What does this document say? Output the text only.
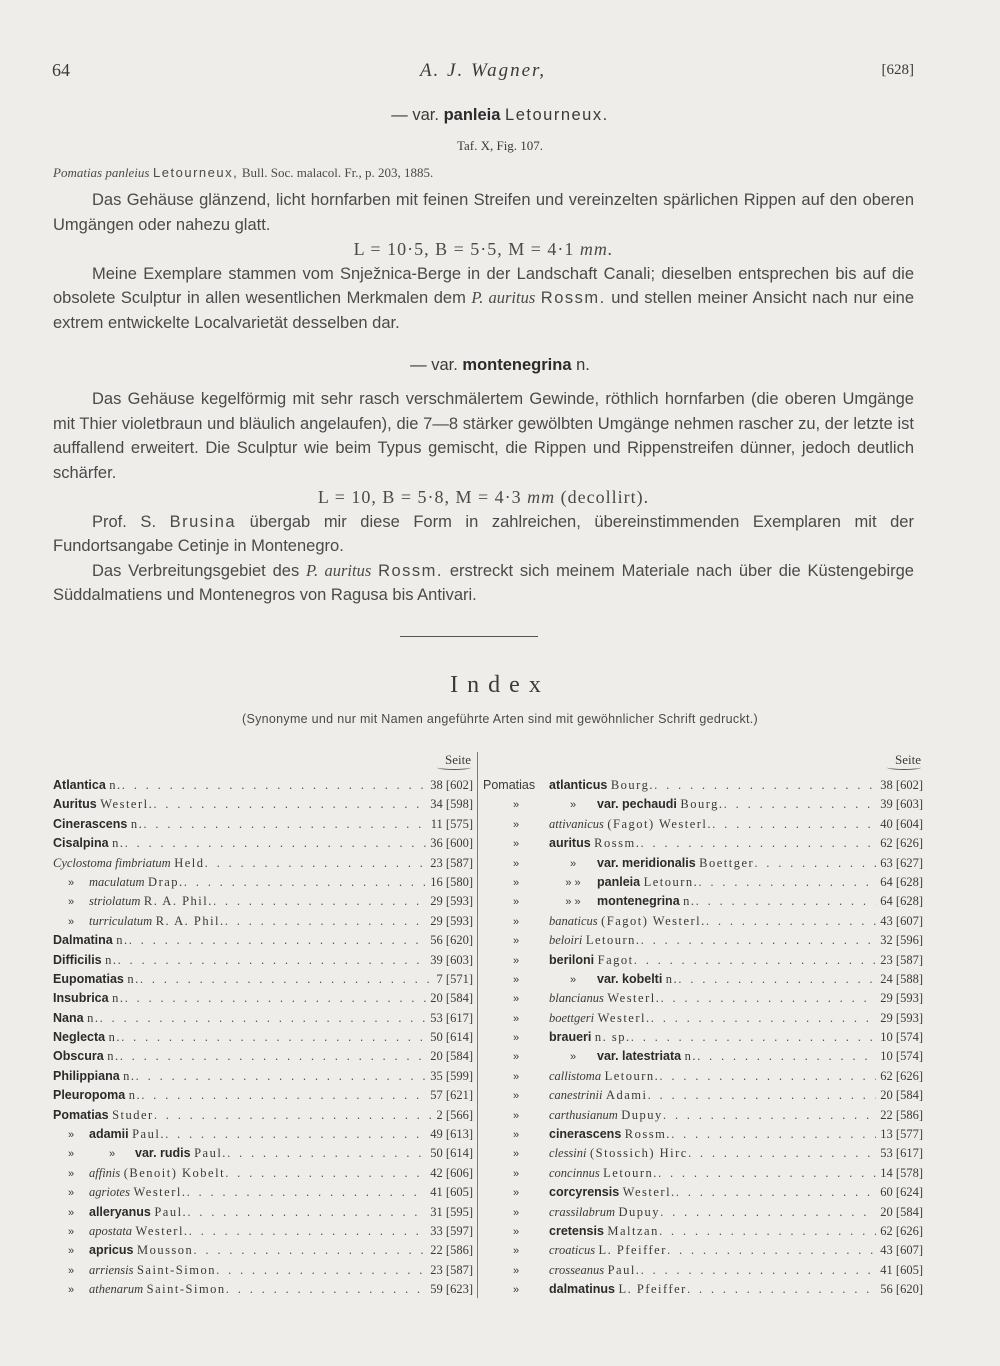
64	A. J. Wagner,	[628]
— var. panleia Letourneux.
Taf. X, Fig. 107.
Pomatias panleius Letourneux, Bull. Soc. malacol. Fr., p. 203, 1885.

Das Gehäuse glänzend, licht hornfarben mit feinen Streifen und vereinzelten spärlichen Rippen auf den oberen Umgängen oder nahezu glatt.

L = 10·5, B = 5·5, M = 4·1 mm.

Meine Exemplare stammen vom Snježnica-Berge in der Landschaft Canali; dieselben entsprechen bis auf die obsolete Sculptur in allen wesentlichen Merkmalen dem P. auritus Rossm. und stellen meiner Ansicht nach nur eine extrem entwickelte Localvarietät desselben dar.

— var. montenegrina n.

Das Gehäuse kegelförmig mit sehr rasch verschmälertem Gewinde, röthlich hornfarben (die oberen Umgänge mit Thier violetbraun und bläulich angelaufen), die 7—8 stärker gewölbten Umgänge nehmen rascher zu, der letzte ist auffallend erweitert. Die Sculptur wie beim Typus gemischt, die Rippen und Rippenstreifen dünner, jedoch deutlich schärfer.

L = 10, B = 5·8, M = 4·3 mm (decollirt).

Prof. S. Brusina übergab mir diese Form in zahlreichen, übereinstimmenden Exemplaren mit der Fundortsangabe Cetinje in Montenegro.

Das Verbreitungsgebiet des P. auritus Rossm. erstreckt sich meinem Materiale nach über die Küstengebirge Süddalmatiens und Montenegros von Ragusa bis Antivari.

Index
(Synonyme und nur mit Namen angeführte Arten sind mit gewöhnlicher Schrift gedruckt.)
Seite
Atlantica n. . . .	38 [602]
Auritus Westerl. . . .	34 [598]
Cinerascens n. . . .	11 [575]
Cisalpina n. . . .	36 [600]
Cyclostoma fimbriatum Held . . .	23 [587]
» maculatum Drap. . . .	16 [580]
» striolatum R. A. Phil. . . .	29 [593]
» turriculatum R. A. Phil. . . .	29 [593]
Dalmatina n. . . .	56 [620]
Difficilis n. . . .	39 [603]
Eupomatias n. . . .	7 [571]
Insubrica n. . . .	20 [584]
Nana n. . . .	53 [617]
Neglecta n. . . .	50 [614]
Obscura n. . . .	20 [584]
Philippiana n. . . .	35 [599]
Pleuropoma n. . . .	57 [621]
Pomatias Studer . . .	2 [566]
» adamii Paul. . . .	49 [613]
»	» var. rudis Paul. . . .	50 [614]
» affinis (Benoit) Kobelt . . .	42 [606]
» agriotes Westerl. . . .	41 [605]
» alleryanus Paul. . . .	31 [595]
» apostata Westerl. . . .	33 [597]
» apricus Mousson . . .	22 [586]
» arriensis Saint-Simon . . .	23 [587]
» athenarum Saint-Simon . . .	59 [623]
Seite
Pomatias atlanticus Bourg. . . .	38 [602]
»	» var. pechaudi Bourg. . . .	39 [603]
» attivanicus (Fagot) Westerl. . . .	40 [604]
» auritus Rossm. . . .	62 [626]
»	» var. meridionalis Boettger . . .	63 [627]
»	» » panleia Letourn. . . .	64 [628]
»	» » montenegrina n. . . .	64 [628]
» banaticus (Fagot) Westerl. . . .	43 [607]
» beloiri Letourn. . . .	32 [596]
» beriloni Fagot . . .	23 [587]
»	» var. kobelti n. . . .	24 [588]
» blancianus Westerl. . . .	29 [593]
» boettgeri Westerl. . . .	29 [593]
» braueri n. sp. . . .	10 [574]
»	» var. latestriata n. . . .	10 [574]
» callistoma Letourn. . . .	62 [626]
» canestrinii Adami . . .	20 [584]
» carthusianum Dupuy . . .	22 [586]
» cinerascens Rossm. . . .	13 [577]
» clessini (Stossich) Hirc . . .	53 [617]
» concinnus Letourn. . . .	14 [578]
» corcyrensis Westerl. . . .	60 [624]
» crassilabrum Dupuy . . .	20 [584]
» cretensis Maltzan . . .	62 [626]
» croaticus L. Pfeiffer . . .	43 [607]
» crosseanus Paul. . . .	41 [605]
» dalmatinus L. Pfeiffer . . .	56 [620]
